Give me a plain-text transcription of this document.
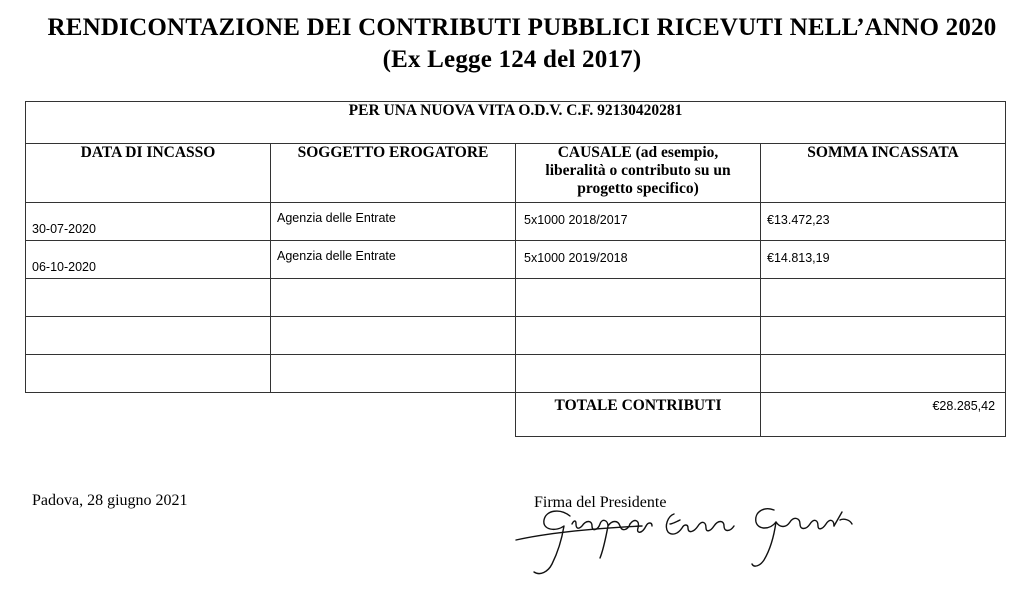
RENDICONTAZIONE DEI CONTRIBUTI PUBBLICI RICEVUTI NELL’ANNO 2020
(Ex Legge 124 del 2017)
PER UNA NUOVA VITA O.D.V. C.F. 92130420281			
DATA DI INCASSO	SOGGETTO EROGATORE	CAUSALE (ad esempio, liberalità o contributo su un progetto specifico)	SOMMA INCASSATA

30-07-2020	Agenzia delle Entrate	5x1000 2018/2017	€13.472,23

06-10-2020	Agenzia delle Entrate	5x1000 2019/2018	€14.813,19

		TOTALE CONTRIBUTI	€28.285,42
Padova, 28 giugno 2021	Firma del Presidente
